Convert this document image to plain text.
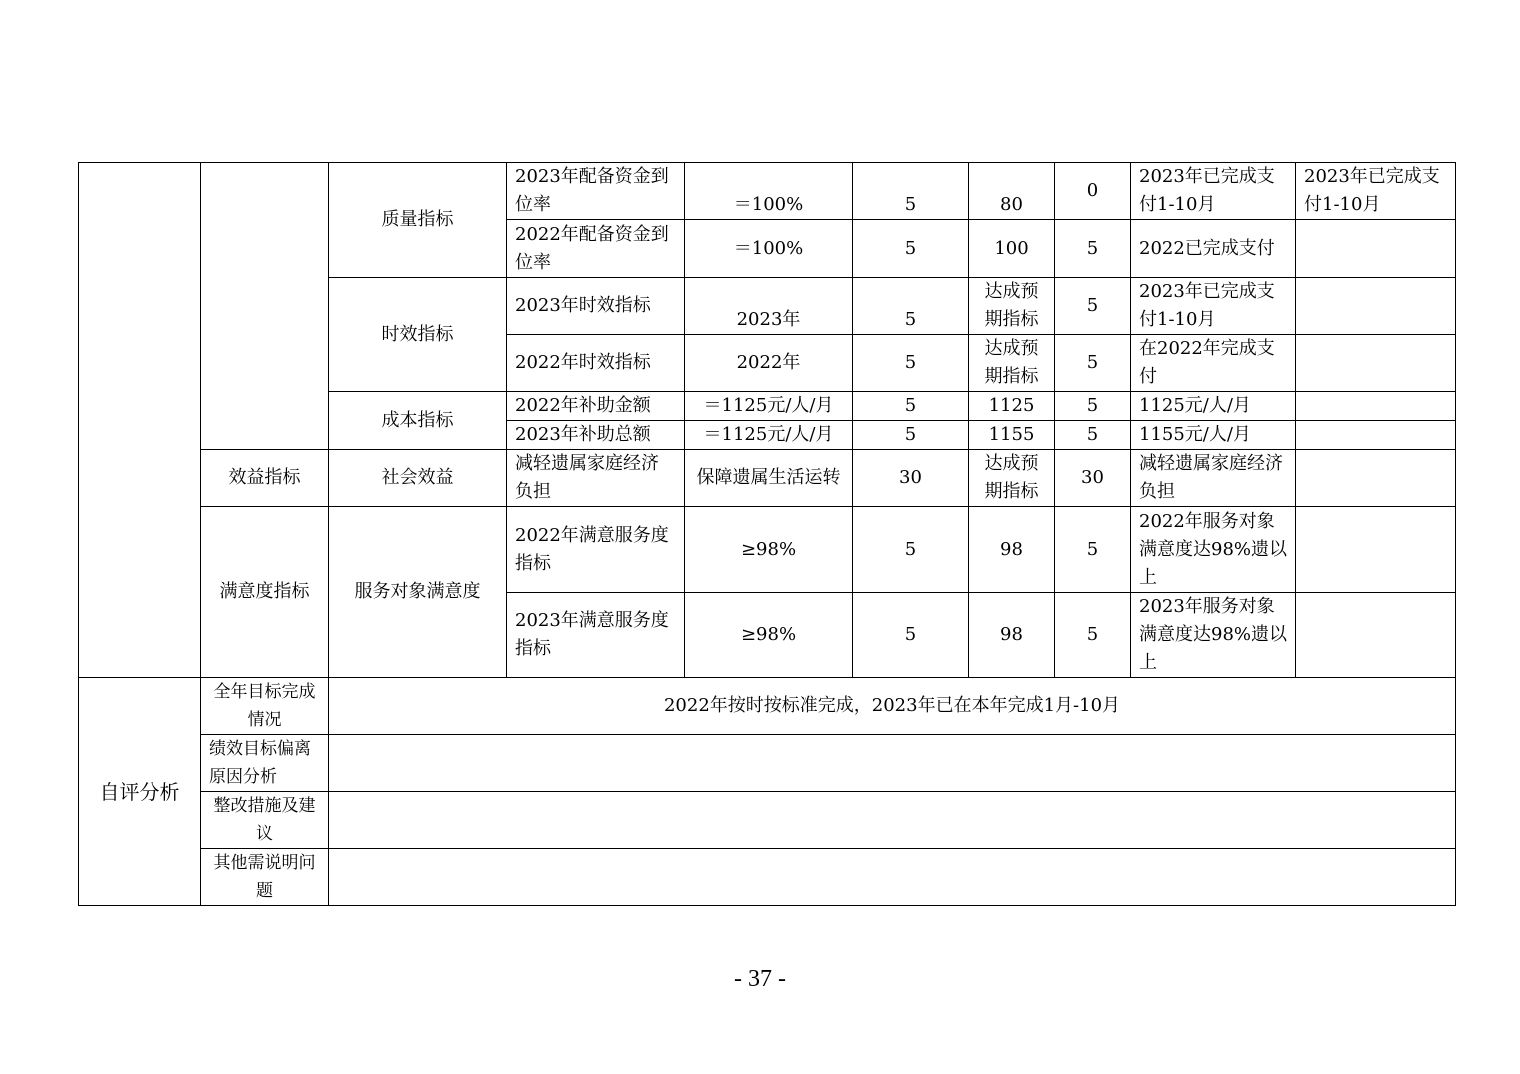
		质量指标	2023年配备资金到位率	＝100%	5	80	0	2023年已完成支付1-10月	2023年已完成支付1-10月
			2022年配备资金到位率	＝100%	5	100	5	2022已完成支付	
		时效指标	2023年时效指标	2023年	5	达成预期指标	5	2023年已完成支付1-10月	
			2022年时效指标	2022年	5	达成预期指标	5	在2022年完成支付	
		成本指标	2022年补助金额	＝1125元/人/月	5	1125	5	1125元/人/月	
			2023年补助总额	＝1125元/人/月	5	1155	5	1155元/人/月	
	效益指标	社会效益	减轻遗属家庭经济负担	保障遗属生活运转	30	达成预期指标	30	减轻遗属家庭经济负担	
	满意度指标	服务对象满意度	2022年满意服务度指标	≥98%	5	98	5	2022年服务对象满意度达98%遗以上	
			2023年满意服务度指标	≥98%	5	98	5	2023年服务对象满意度达98%遗以上	
自评分析	全年目标完成情况	2022年按时按标准完成，2023年已在本年完成1月-10月							
	绩效目标偏离原因分析								
	整改措施及建议								
	其他需说明问题								
- 37 -
